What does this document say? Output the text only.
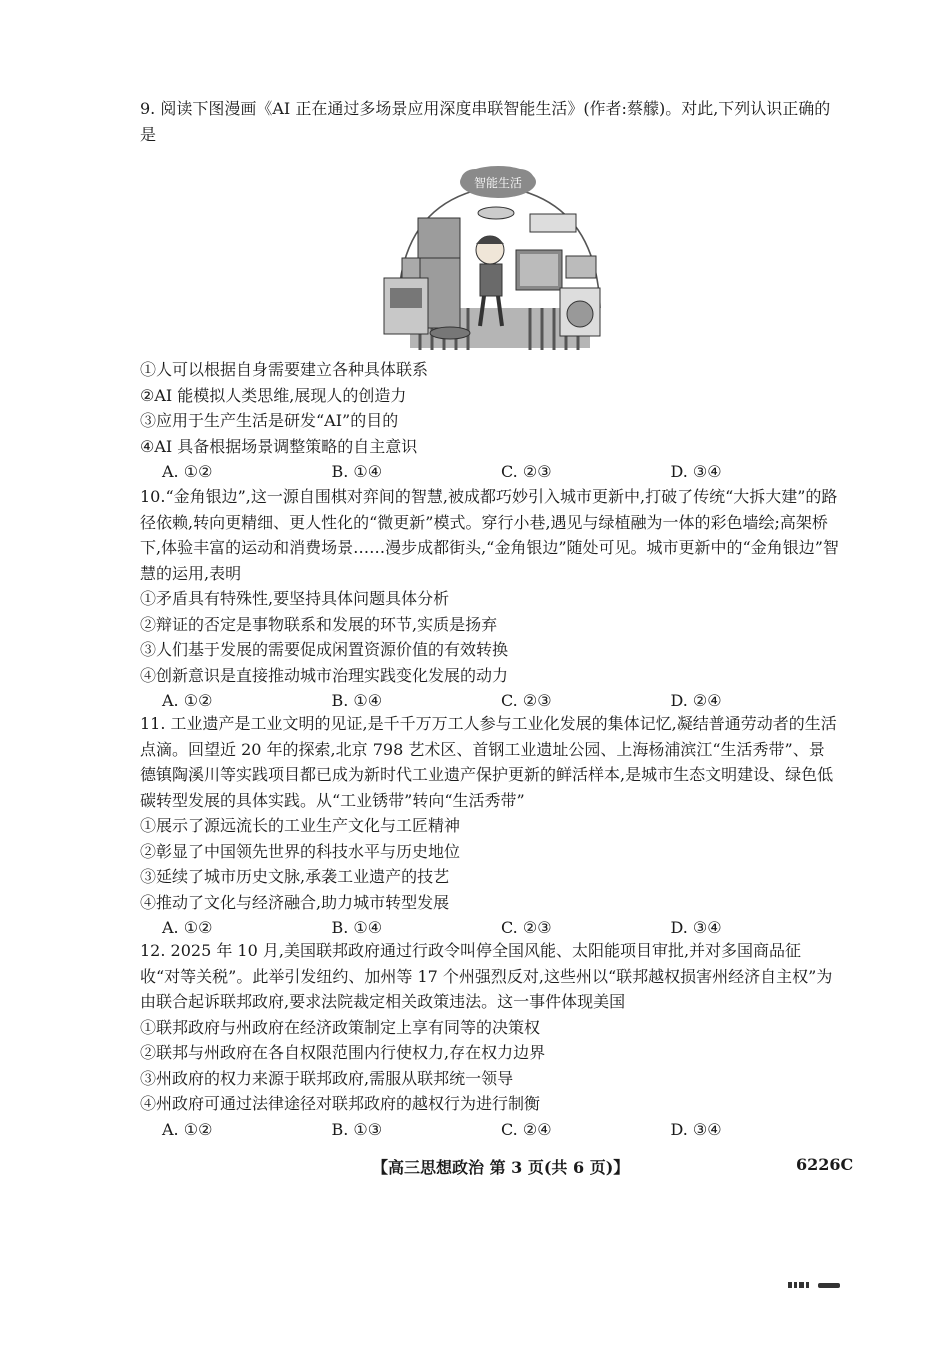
9. 阅读下图漫画《AI 正在通过多场景应用深度串联智能生活》(作者:蔡艨)。对此,下列认识正确的是

智能生活

①人可以根据自身需要建立各种具体联系

②AI 能模拟人类思维,展现人的创造力

③应用于生产生活是研发“AI”的目的

④AI 具备根据场景调整策略的自主意识

A. ①②	B. ①④	C. ②③	D. ③④

10.“金角银边”,这一源自围棋对弈间的智慧,被成都巧妙引入城市更新中,打破了传统“大拆大建”的路径依赖,转向更精细、更人性化的“微更新”模式。穿行小巷,遇见与绿植融为一体的彩色墙绘;高架桥下,体验丰富的运动和消费场景……漫步成都街头,“金角银边”随处可见。城市更新中的“金角银边”智慧的运用,表明

①矛盾具有特殊性,要坚持具体问题具体分析

②辩证的否定是事物联系和发展的环节,实质是扬弃

③人们基于发展的需要促成闲置资源价值的有效转换

④创新意识是直接推动城市治理实践变化发展的动力

A. ①②	B. ①④	C. ②③	D. ②④

11. 工业遗产是工业文明的见证,是千千万万工人参与工业化发展的集体记忆,凝结普通劳动者的生活点滴。回望近 20 年的探索,北京 798 艺术区、首钢工业遗址公园、上海杨浦滨江“生活秀带”、景德镇陶溪川等实践项目都已成为新时代工业遗产保护更新的鲜活样本,是城市生态文明建设、绿色低碳转型发展的具体实践。从“工业锈带”转向“生活秀带”

①展示了源远流长的工业生产文化与工匠精神

②彰显了中国领先世界的科技水平与历史地位

③延续了城市历史文脉,承袭工业遗产的技艺

④推动了文化与经济融合,助力城市转型发展

A. ①②	B. ①④	C. ②③	D. ③④

12. 2025 年 10 月,美国联邦政府通过行政令叫停全国风能、太阳能项目审批,并对多国商品征收“对等关税”。此举引发纽约、加州等 17 个州强烈反对,这些州以“联邦越权损害州经济自主权”为由联合起诉联邦政府,要求法院裁定相关政策违法。这一事件体现美国

①联邦政府与州政府在经济政策制定上享有同等的决策权

②联邦与州政府在各自权限范围内行使权力,存在权力边界

③州政府的权力来源于联邦政府,需服从联邦统一领导

④州政府可通过法律途径对联邦政府的越权行为进行制衡

A. ①②	B. ①③	C. ②④	D. ③④
【高三思想政治 第 3 页(共 6 页)】	6226C
